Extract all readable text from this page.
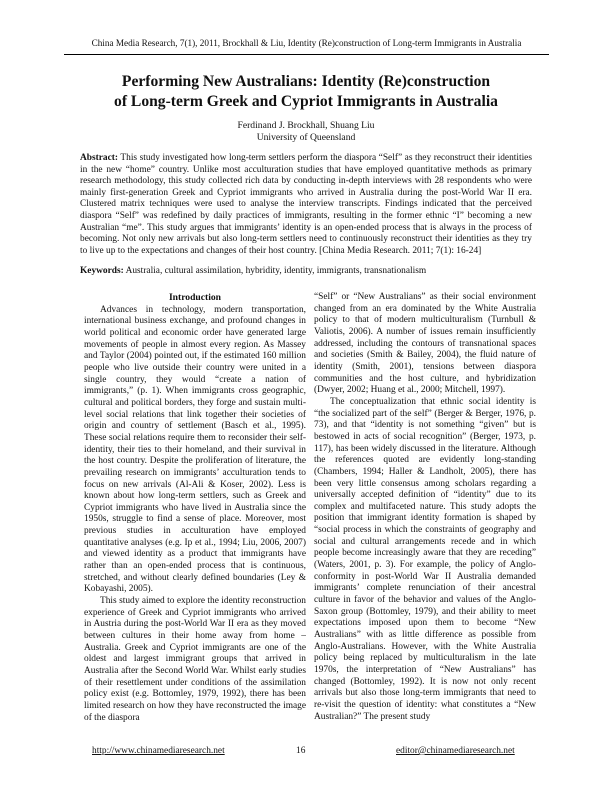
China Media Research, 7(1), 2011, Brockhall & Liu, Identity (Re)construction of Long-term Immigrants in Australia
Performing New Australians: Identity (Re)construction
of Long-term Greek and Cypriot Immigrants in Australia
Ferdinand J. Brockhall, Shuang Liu
University of Queensland
Abstract: This study investigated how long-term settlers perform the diaspora “Self” as they reconstruct their identities in the new “home” country. Unlike most acculturation studies that have employed quantitative methods as primary research methodology, this study collected rich data by conducting in-depth interviews with 28 respondents who were mainly first-generation Greek and Cypriot immigrants who arrived in Australia during the post-World War II era. Clustered matrix techniques were used to analyse the interview transcripts. Findings indicated that the perceived diaspora “Self” was redefined by daily practices of immigrants, resulting in the former ethnic “I” becoming a new Australian “me”. This study argues that immigrants’ identity is an open-ended process that is always in the process of becoming. Not only new arrivals but also long-term settlers need to continuously reconstruct their identities as they try to live up to the expectations and changes of their host country. [China Media Research. 2011; 7(1): 16-24]
Keywords: Australia, cultural assimilation, hybridity, identity, immigrants, transnationalism
Introduction

Advances in technology, modern transportation, international business exchange, and profound changes in world political and economic order have generated large movements of people in almost every region. As Massey and Taylor (2004) pointed out, if the estimated 160 million people who live outside their country were united in a single country, they would “create a nation of immigrants,” (p. 1). When immigrants cross geographic, cultural and political borders, they forge and sustain multi-level social relations that link together their societies of origin and country of settlement (Basch et al., 1995). These social relations require them to reconsider their self-identity, their ties to their homeland, and their survival in the host country. Despite the proliferation of literature, the prevailing research on immigrants’ acculturation tends to focus on new arrivals (Al-Ali & Koser, 2002). Less is known about how long-term settlers, such as Greek and Cypriot immigrants who have lived in Australia since the 1950s, struggle to find a sense of place. Moreover, most previous studies in acculturation have employed quantitative analyses (e.g. Ip et al., 1994; Liu, 2006, 2007) and viewed identity as a product that immigrants have rather than an open-ended process that is continuous, stretched, and without clearly defined boundaries (Ley & Kobayashi, 2005).

This study aimed to explore the identity reconstruction experience of Greek and Cypriot immigrants who arrived in Austria during the post-World War II era as they moved between cultures in their home away from home – Australia. Greek and Cypriot immigrants are one of the oldest and largest immigrant groups that arrived in Australia after the Second World War. Whilst early studies of their resettlement under conditions of the assimilation policy exist (e.g. Bottomley, 1979, 1992), there has been limited research on how they have reconstructed the image of the diaspora

“Self” or “New Australians” as their social environment changed from an era dominated by the White Australia policy to that of modern multiculturalism (Turnbull & Valiotis, 2006). A number of issues remain insufficiently addressed, including the contours of transnational spaces and societies (Smith & Bailey, 2004), the fluid nature of identity (Smith, 2001), tensions between diaspora communities and the host culture, and hybridization (Dwyer, 2002; Huang et al., 2000; Mitchell, 1997).

The conceptualization that ethnic social identity is “the socialized part of the self” (Berger & Berger, 1976, p. 73), and that “identity is not something “given” but is bestowed in acts of social recognition” (Berger, 1973, p. 117), has been widely discussed in the literature. Although the references quoted are evidently long-standing (Chambers, 1994; Haller & Landholt, 2005), there has been very little consensus among scholars regarding a universally accepted definition of “identity” due to its complex and multifaceted nature. This study adopts the position that immigrant identity formation is shaped by “social process in which the constraints of geography and social and cultural arrangements recede and in which people become increasingly aware that they are receding” (Waters, 2001, p. 3). For example, the policy of Anglo-conformity in post-World War II Australia demanded immigrants’ complete renunciation of their ancestral culture in favor of the behavior and values of the Anglo-Saxon group (Bottomley, 1979), and their ability to meet expectations imposed upon them to become “New Australians” with as little difference as possible from Anglo-Australians. However, with the White Australia policy being replaced by multiculturalism in the late 1970s, the interpretation of “New Australians” has changed (Bottomley, 1992). It is now not only recent arrivals but also those long-term immigrants that need to re-visit the question of identity: what constitutes a “New Australian?” The present study

http://www.chinamediaresearch.net	16	editor@chinamediaresearch.net
